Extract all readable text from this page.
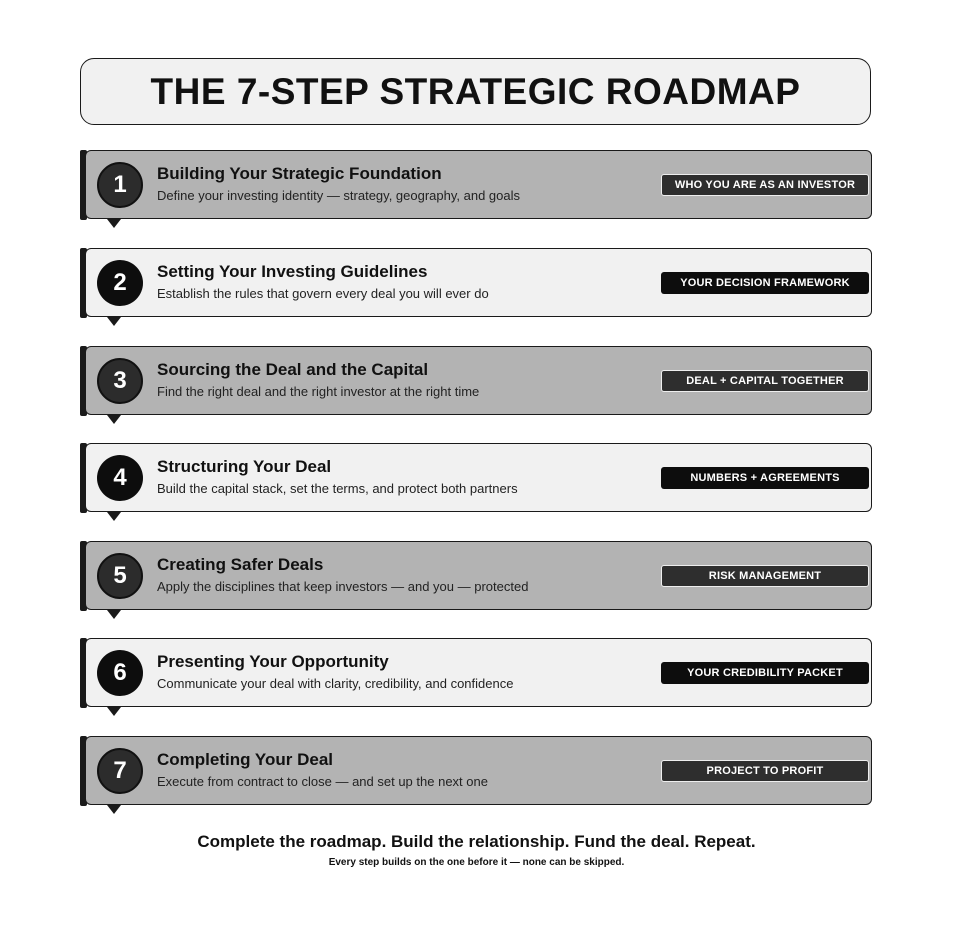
THE 7-STEP STRATEGIC ROADMAP
1	Building Your Strategic Foundation
Define your investing identity — strategy, geography, and goals
WHO YOU ARE AS AN INVESTOR
2	Setting Your Investing Guidelines
Establish the rules that govern every deal you will ever do
YOUR DECISION FRAMEWORK
3	Sourcing the Deal and the Capital
Find the right deal and the right investor at the right time
DEAL + CAPITAL TOGETHER
4	Structuring Your Deal
Build the capital stack, set the terms, and protect both partners
NUMBERS + AGREEMENTS
5	Creating Safer Deals
Apply the disciplines that keep investors — and you — protected
RISK MANAGEMENT
6	Presenting Your Opportunity
Communicate your deal with clarity, credibility, and confidence
YOUR CREDIBILITY PACKET
7	Completing Your Deal
Execute from contract to close — and set up the next one
PROJECT TO PROFIT
Complete the roadmap. Build the relationship. Fund the deal. Repeat.
Every step builds on the one before it — none can be skipped.
